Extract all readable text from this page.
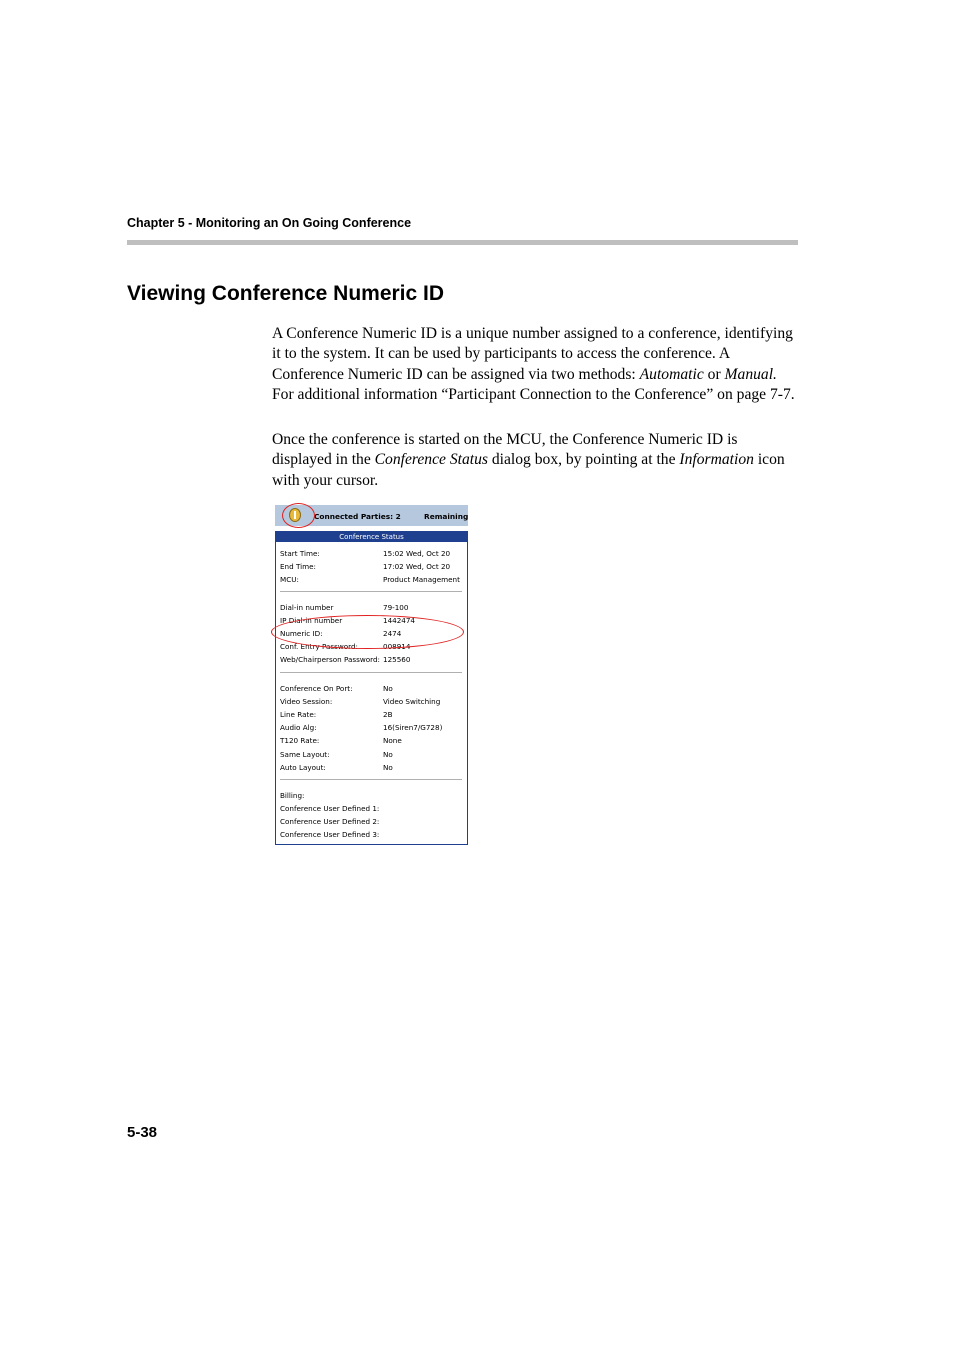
Chapter 5 - Monitoring an On Going Conference
Viewing Conference Numeric ID

A Conference Numeric ID is a unique number assigned to a conference, identifying it to the system. It can be used by participants to access the conference. A Conference Numeric ID can be assigned via two methods: Automatic or Manual. For additional information “Participant Connection to the Conference” on page 7-7.

Once the conference is started on the MCU, the Conference Numeric ID is displayed in the Conference Status dialog box, by pointing at the Information icon with your cursor.

Connected Parties: 2	Remaining
Conference Status
Start Time:	15:02 Wed, Oct 20
End Time:	17:02 Wed, Oct 20
MCU:	Product Management
Dial-in number	79-100
IP Dial-in number	1442474
Numeric ID:	2474
Conf. Entry Password:	008914
Web/Chairperson Password: 125560
Conference On Port:	No
Video Session:	Video Switching
Line Rate:	2B
Audio Alg:	16(Siren7/G728)
T120 Rate:	None
Same Layout:	No
Auto Layout:	No
Billing:
Conference User Defined 1:
Conference User Defined 2:
Conference User Defined 3:
5-38
